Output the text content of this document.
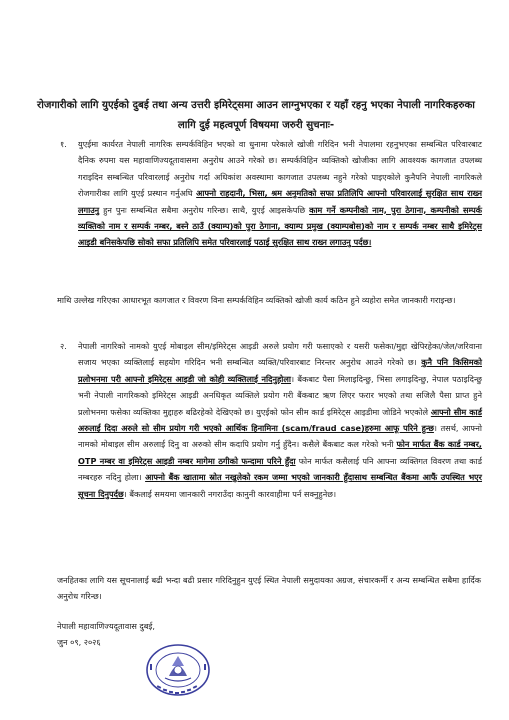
रोजगारीको लागि युएईको दुबई तथा अन्य उत्तरी इमिरेट्समा आउन लाग्नुभएका र यहाँ रहनु भएका नेपाली नागरिकहरुका लागि दुई महत्वपूर्ण विषयमा जरुरी सुचनाः-
१. युएईमा कार्यरत नेपाली नागरिक सम्पर्कविहिन भएको वा धुनामा परेकाले खोजी गरिदिन भनी नेपालमा रहनुभएका सम्बन्धित परिवारबाट दैनिक रुपमा यस महावाणिज्यदूतावासमा अनुरोध आउने गरेको छ। सम्पर्कविहिन व्यक्तिको खोजीका लागि आवश्यक कागजात उपलब्ध गराइदिन सम्बन्धित परिवारलाई अनुरोध गर्दा अधिकांश अवस्थामा कागजात उपलब्ध नहुने गरेको पाइएकोले कुनैपनि नेपाली नागरिकले रोजगारीका लागि युएई प्रस्थान गर्नुअघि आफ्नो राहदानी, भिसा, श्रम अनुमतिको सफा प्रतिलिपि आफ्नो परिवारलाई सुरक्षित साथ राख्न लगाउनु हुन पुनः सम्बन्धित सबैमा अनुरोध गरिन्छ। साथै, युएई आइसकेपछि काम गर्ने कम्पनीको नाम, पुरा ठेगाना, कम्पनीको सम्पर्क व्यक्तिको नाम र सम्पर्क नम्बर, बस्ने ठाउँ (क्याम्प)को पुरा ठेगाना, क्याम्प प्रमुख (क्याम्पबोस)को नाम र सम्पर्क नम्बर साथै इमिरेट्स आइडी बनिसकेपछि सोको सफा प्रतिलिपि समेत परिवारलाई पठाई सुरक्षित साथ राख्न लगाउनु पर्दछ।
माथि उल्लेख गरिएका आधारभूत कागजात र विवरण विना सम्पर्कविहिन व्यक्तिको खोजी कार्य कठिन हुने व्यहोरा समेत जानकारी गराइन्छ।
२. नेपाली नागरिको नामको युएई मोबाइल सीम/इमिरेट्स आइडी अरुले प्रयोग गरी फसाएको र यसरी फसेका/मुद्दा खेपिरहेका/जेल/जरिवाना सजाय भएका व्यक्तिलाई सहयोग गरिदिन भनी सम्बन्धित व्यक्ति/परिवारबाट निरन्तर अनुरोध आउने गरेको छ। कुनै पनि किसिमको प्रलोभनमा परी आफ्नो इमिरेट्स आइडी जो कोही व्यक्तिलाई नदिनुहोला। बैंकबाट पैसा मिलाइदिन्छु, भिसा लगाइदिन्छु, नेपाल पठाइदिन्छु भनी नेपाली नागरिकको इमिरेट्स आइडी अनधिकृत व्यक्तिले प्रयोग गरी बैंकबाट ऋण लिएर फरार भएको तथा सजिलै पैसा प्राप्त हुने प्रलोभनमा फसेका व्यक्तिका मुद्दाहरु बढिरहेको देखिएको छ। युएईको फोन सीम कार्ड इमिरेट्स आइडीमा जोडिने भएकोले आफ्नो सीम कार्ड अरुलाई दिदा अरुले सो सीम प्रयोग गरी भएको आर्थिक हिनामिना (scam/fraud case)हरुमा आफू परिने हुन्छ। तसर्थ, आफ्नो नामको मोबाइल सीम अरुलाई दिनु वा अरुको सीम कदापि प्रयोग गर्नु हुँदैन। कसैले बैंकबाट कल गरेको भनी फोन मार्फत बैंक कार्ड नम्बर, OTP नम्बर वा इमिरेट्स आइडी नम्बर मागेमा ठगीको फन्दामा परिने हुँदा फोन मार्फत कसैलाई पनि आफ्ना व्यक्तिगत विवरण तथा कार्ड नम्बरहरु नदिनु होला। आफ्नो बैंक खातामा स्रोत नखुलेको रकम जम्मा भएको जानकारी हुँदासाथ सम्बन्धित बैंकमा आफैं उपस्थित भएर सूचना दिनुपर्दछ। बैंकलाई समयमा जानकारी नगराउँदा कानुनी कारवाहीमा पर्न सक्नुहुनेछ।
जनहितका लागि यस सूचनालाई बढी भन्दा बढी प्रसार गरिदिनुहुन युएई स्थित नेपाली समुदायका अग्रज, संचारकर्मी र अन्य सम्बन्धित सबैमा हार्दिक अनुरोध गरिन्छ।
नेपाली महावाणिज्यदूतावास दुबई,
जुन ०९, २०२६
